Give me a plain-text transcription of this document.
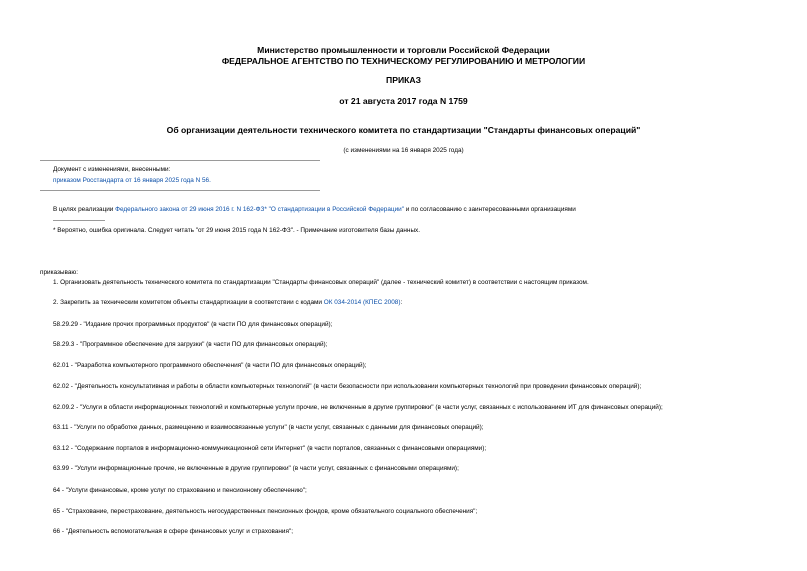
Министерство промышленности и торговли Российской Федерации
ФЕДЕРАЛЬНОЕ АГЕНТСТВО ПО ТЕХНИЧЕСКОМУ РЕГУЛИРОВАНИЮ И МЕТРОЛОГИИ
ПРИКАЗ
от 21 августа 2017 года N 1759
Об организации деятельности технического комитета по стандартизации "Стандарты финансовых операций"
(с изменениями на 16 января 2025 года)
Документ с изменениями, внесенными:
приказом Росстандарта от 16 января 2025 года N 56.
В целях реализации Федерального закона от 29 июня 2016 г. N 162-ФЗ* "О стандартизации в Российской Федерации" и по согласованию с заинтересованными организациями
* Вероятно, ошибка оригинала. Следует читать "от 29 июня 2015 года N 162-ФЗ". - Примечание изготовителя базы данных.
приказываю:
1. Организовать деятельность технического комитета по стандартизации "Стандарты финансовых операций" (далее - технический комитет) в соответствии с настоящим приказом.
2. Закрепить за техническим комитетом объекты стандартизации в соответствии с кодами ОК 034-2014 (КПЕС 2008):
58.29.29 - "Издание прочих программных продуктов" (в части ПО для финансовых операций);
58.29.3 - "Программное обеспечение для загрузки" (в части ПО для финансовых операций);
62.01 - "Разработка компьютерного программного обеспечения" (в части ПО для финансовых операций);
62.02 - "Деятельность консультативная и работы в области компьютерных технологий" (в части безопасности при использовании компьютерных технологий при проведении финансовых операций);
62.09.2 - "Услуги в области информационных технологий и компьютерные услуги прочие, не включенные в другие группировки" (в части услуг, связанных с использованием ИТ для финансовых операций);
63.11 - "Услуги по обработке данных, размещению и взаимосвязанные услуги" (в части услуг, связанных с данными для финансовых операций);
63.12 - "Содержание порталов в информационно-коммуникационной сети Интернет" (в части порталов, связанных с финансовыми операциями);
63.99 - "Услуги информационные прочие, не включенные в другие группировки" (в части услуг, связанных с финансовыми операциями);
64 - "Услуги финансовые, кроме услуг по страхованию и пенсионному обеспечению";
65 - "Страхование, перестрахование, деятельность негосударственных пенсионных фондов, кроме обязательного социального обеспечения";
66 - "Деятельность вспомогательная в сфере финансовых услуг и страхования";
